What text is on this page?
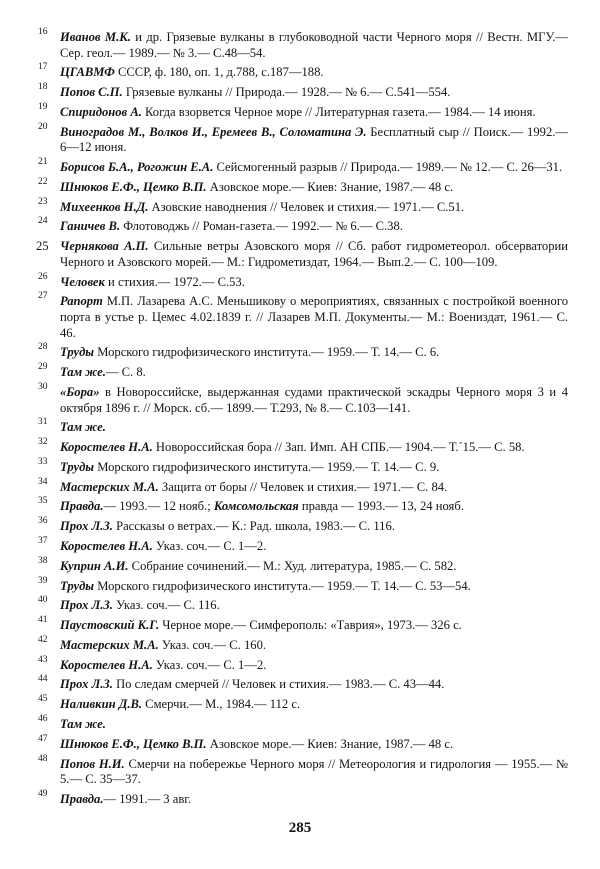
16 Иванов М.К. и др. Грязевые вулканы в глубоководной части Черного моря // Вестн. МГУ.— Сер. геол.— 1989.— № 3.— С.48—54.
17 ЦГАВМФ СССР, ф. 180, оп. 1, д.788, с.187—188.
18 Попов С.П. Грязевые вулканы // Природа.— 1928.— № 6.— С.541—554.
19 Спиридонов А. Когда взорвется Черное море // Литературная газета.— 1984.— 14 июня.
20 Виноградов М., Волков И., Еремеев В., Соломатина Э. Бесплатный сыр // Поиск.— 1992.— 6—12 июня.
21 Борисов Б.А., Рогожин Е.А. Сейсмогенный разрыв // Природа.— 1989.— № 12.— С. 26—31.
22 Шнюков Е.Ф., Цемко В.П. Азовское море.— Киев: Знание, 1987.— 48 с.
23 Михеенков Н.Д. Азовские наводнения // Человек и стихия.— 1971.— С.51.
24 Ганичев В. Флотоводжь // Роман-газета.— 1992.— № 6.— С.38.
25 Чернякова А.П. Сильные ветры Азовского моря // Сб. работ гидрометеорол. обсерватории Черного и Азовского морей.— М.: Гидрометиздат, 1964.— Вып.2.— С. 100—109.
26 Человек и стихия.— 1972.— С.53.
27 Рапорт М.П. Лазарева А.С. Меньшикову о мероприятиях, связанных с постройкой военного порта в устье р. Цемес 4.02.1839 г. // Лазарев М.П. Документы.— М.: Воениздат, 1961.— С. 46.
28 Труды Морского гидрофизического института.— 1959.— Т. 14.— С. 6.
29 Там же.— С. 8.
30 «Бора» в Новороссийске, выдержанная судами практической эскадры Черного моря 3 и 4 октября 1896 г. // Морск. сб.— 1899.— Т.293, № 8.— С.103—141.
31 Там же.
32 Коростелев Н.А. Новороссийская бора // Зап. Имп. АН СПБ.— 1904.— Т.´15.— С. 58.
33 Труды Морского гидрофизического института.— 1959.— Т. 14.— С. 9.
34 Мастерских М.А. Защита от боры // Человек и стихия.— 1971.— С. 84.
35 Правда.— 1993.— 12 нояб.; Комсомольская правда — 1993.— 13, 24 нояб.
36 Прох Л.З. Рассказы о ветрах.— К.: Рад. школа, 1983.— С. 116.
37 Коростелев Н.А. Указ. соч.— С. 1—2.
38 Куприн А.И. Собрание сочинений.— М.: Худ. литература, 1985.— С. 582.
39 Труды Морского гидрофизического института.— 1959.— Т. 14.— С. 53—54.
40 Прох Л.З. Указ. соч.— С. 116.
41 Паустовский К.Г. Черное море.— Симферополь: «Таврия», 1973.— 326 с.
42 Мастерских М.А. Указ. соч.— С. 160.
43 Коростелев Н.А. Указ. соч.— С. 1—2.
44 Прох Л.З. По следам смерчей // Человек и стихия.— 1983.— С. 43—44.
45 Наливкин Д.В. Смерчи.— М., 1984.— 112 с.
46 Там же.
47 Шнюков Е.Ф., Цемко В.П. Азовское море.— Киев: Знание, 1987.— 48 с.
48 Попов Н.И. Смерчи на побережье Черного моря // Метеорология и гидрология — 1955.— № 5.— С. 35—37.
49 Правда.— 1991.— 3 авг.
285
